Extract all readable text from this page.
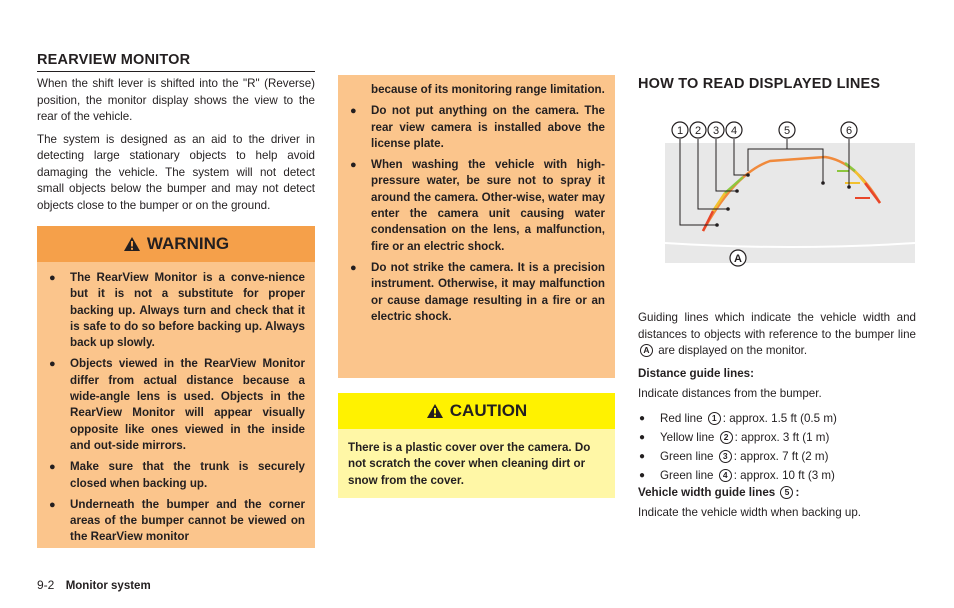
REARVIEW MONITOR

When the shift lever is shifted into the "R" (Reverse) position, the monitor display shows the view to the rear of the vehicle.

The system is designed as an aid to the driver in detecting large stationary objects to help avoid damaging the vehicle. The system will not detect small objects below the bumper and may not detect objects close to the bumper or on the ground.

WARNING
● The RearView Monitor is a conve-nience but it is not a substitute for proper backing up. Always turn and check that it is safe to do so before backing up. Always back up slowly.
● Objects viewed in the RearView Monitor differ from actual distance because a wide-angle lens is used. Objects in the RearView Monitor will appear visually opposite like ones viewed in the inside and out-side mirrors.
● Make sure that the trunk is securely closed when backing up.
● Underneath the bumper and the corner areas of the bumper cannot be viewed on the RearView monitor
because of its monitoring range limitation.
● Do not put anything on the camera. The rear view camera is installed above the license plate.
● When washing the vehicle with high-pressure water, be sure not to spray it around the camera. Other-wise, water may enter the camera unit causing water condensation on the lens, a malfunction, fire or an electric shock.
● Do not strike the camera. It is a precision instrument. Otherwise, it may malfunction or cause damage resulting in a fire or an electric shock.
CAUTION
There is a plastic cover over the camera. Do not scratch the cover when cleaning dirt or snow from the cover.
HOW TO READ DISPLAYED LINES
1 2 3 4	5	6
A

Guiding lines which indicate the vehicle width and distances to objects with reference to the bumper line A are displayed on the monitor.

Distance guide lines:

Indicate distances from the bumper.

● Red line 1 : approx. 1.5 ft (0.5 m)
● Yellow line 2 : approx. 3 ft (1 m)
● Green line 3 : approx. 7 ft (2 m)
● Green line 4 : approx. 10 ft (3 m)
Vehicle width guide lines 5 :

Indicate the vehicle width when backing up.

9-2 Monitor system
